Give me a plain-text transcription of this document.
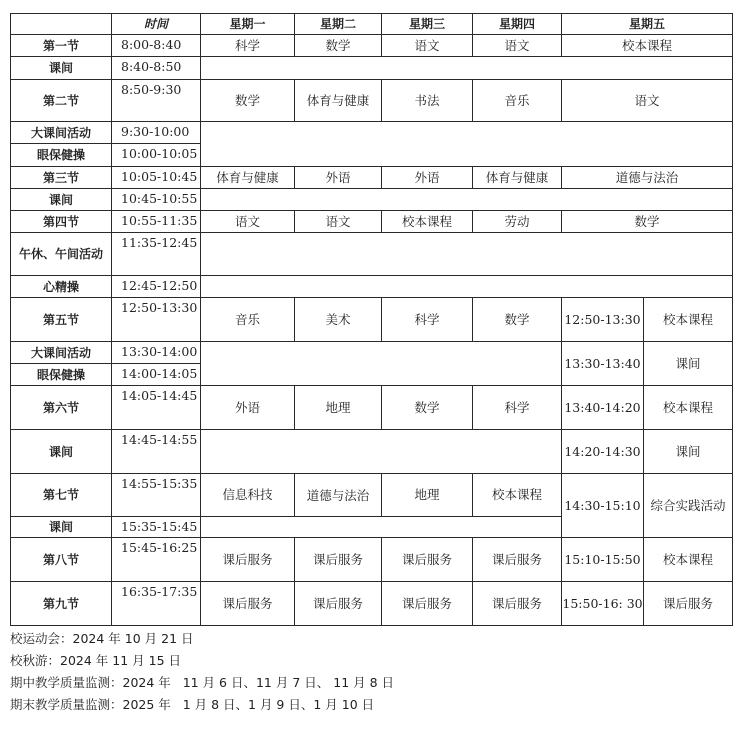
	时间	星期一	星期二	星期三	星期四	星期五	
第一节	8:00-8:40	科学	数学	语文	语文	校本课程	
课间	8:40-8:50						
第二节	8:50-9:30	数学	体育与健康	书法	音乐	语文	
大课间活动	9:30-10:00						
眼保健操	10:00-10:05						
第三节	10:05-10:45	体育与健康	外语	外语	体育与健康	道德与法治	
课间	10:45-10:55						
第四节	10:55-11:35	语文	语文	校本课程	劳动	数学	
午休、午间活动	11:35-12:45						
心精操	12:45-12:50						
第五节	12:50-13:30	音乐	美术	科学	数学	12:50-13:30	校本课程
大课间活动	13:30-14:00					13:30-13:40	课间
眼保健操	14:00-14:05						
第六节	14:05-14:45	外语	地理	数学	科学	13:40-14:20	校本课程
课间	14:45-14:55					14:20-14:30	课间
第七节	14:55-15:35	信息科技	道德与法治	地理	校本课程	14:30-15:10	综合实践活动
课间	15:35-15:45						
第八节	15:45-16:25	课后服务	课后服务	课后服务	课后服务	15:10-15:50	校本课程
第九节	16:35-17:35	课后服务	课后服务	课后服务	课后服务	15:50-16: 30	课后服务
校运动会：2024 年 10 月 21 日
校秋游：2024 年 11 月 15 日
期中教学质量监测：2024 年   11 月 6 日、11 月 7 日、 11 月 8 日
期末教学质量监测：2025 年   1 月 8 日、1 月 9 日、1 月 10 日
